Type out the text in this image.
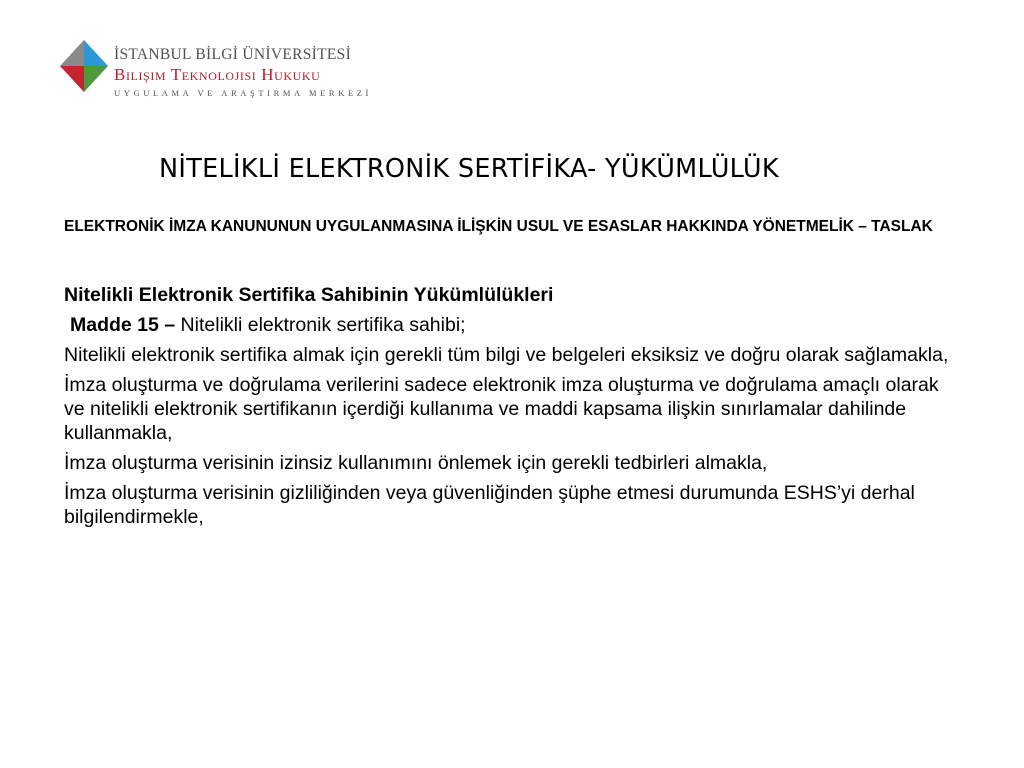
İSTANBUL BİLGİ ÜNİVERSİTESİ
Bilişim Teknolojisi Hukuku
UYGULAMA VE ARAŞTIRMA MERKEZİ
NİTELİKLİ ELEKTRONİK SERTİFİKA- YÜKÜMLÜLÜK

ELEKTRONİK İMZA KANUNUNUN UYGULANMASINA İLİŞKİN USUL VE ESASLAR HAKKINDA YÖNETMELİK – TASLAK

Nitelikli Elektronik Sertifika Sahibinin Yükümlülükleri

Madde 15 – Nitelikli elektronik sertifika sahibi;

Nitelikli elektronik sertifika almak için gerekli tüm bilgi ve belgeleri eksiksiz ve doğru olarak sağlamakla,

İmza oluşturma ve doğrulama verilerini sadece elektronik imza oluşturma ve doğrulama amaçlı olarak ve nitelikli elektronik sertifikanın içerdiği kullanıma ve maddi kapsama ilişkin sınırlamalar dahilinde kullanmakla,

İmza oluşturma verisinin izinsiz kullanımını önlemek için gerekli tedbirleri almakla,

İmza oluşturma verisinin gizliliğinden veya güvenliğinden şüphe etmesi durumunda ESHS’yi derhal bilgilendirmekle,
